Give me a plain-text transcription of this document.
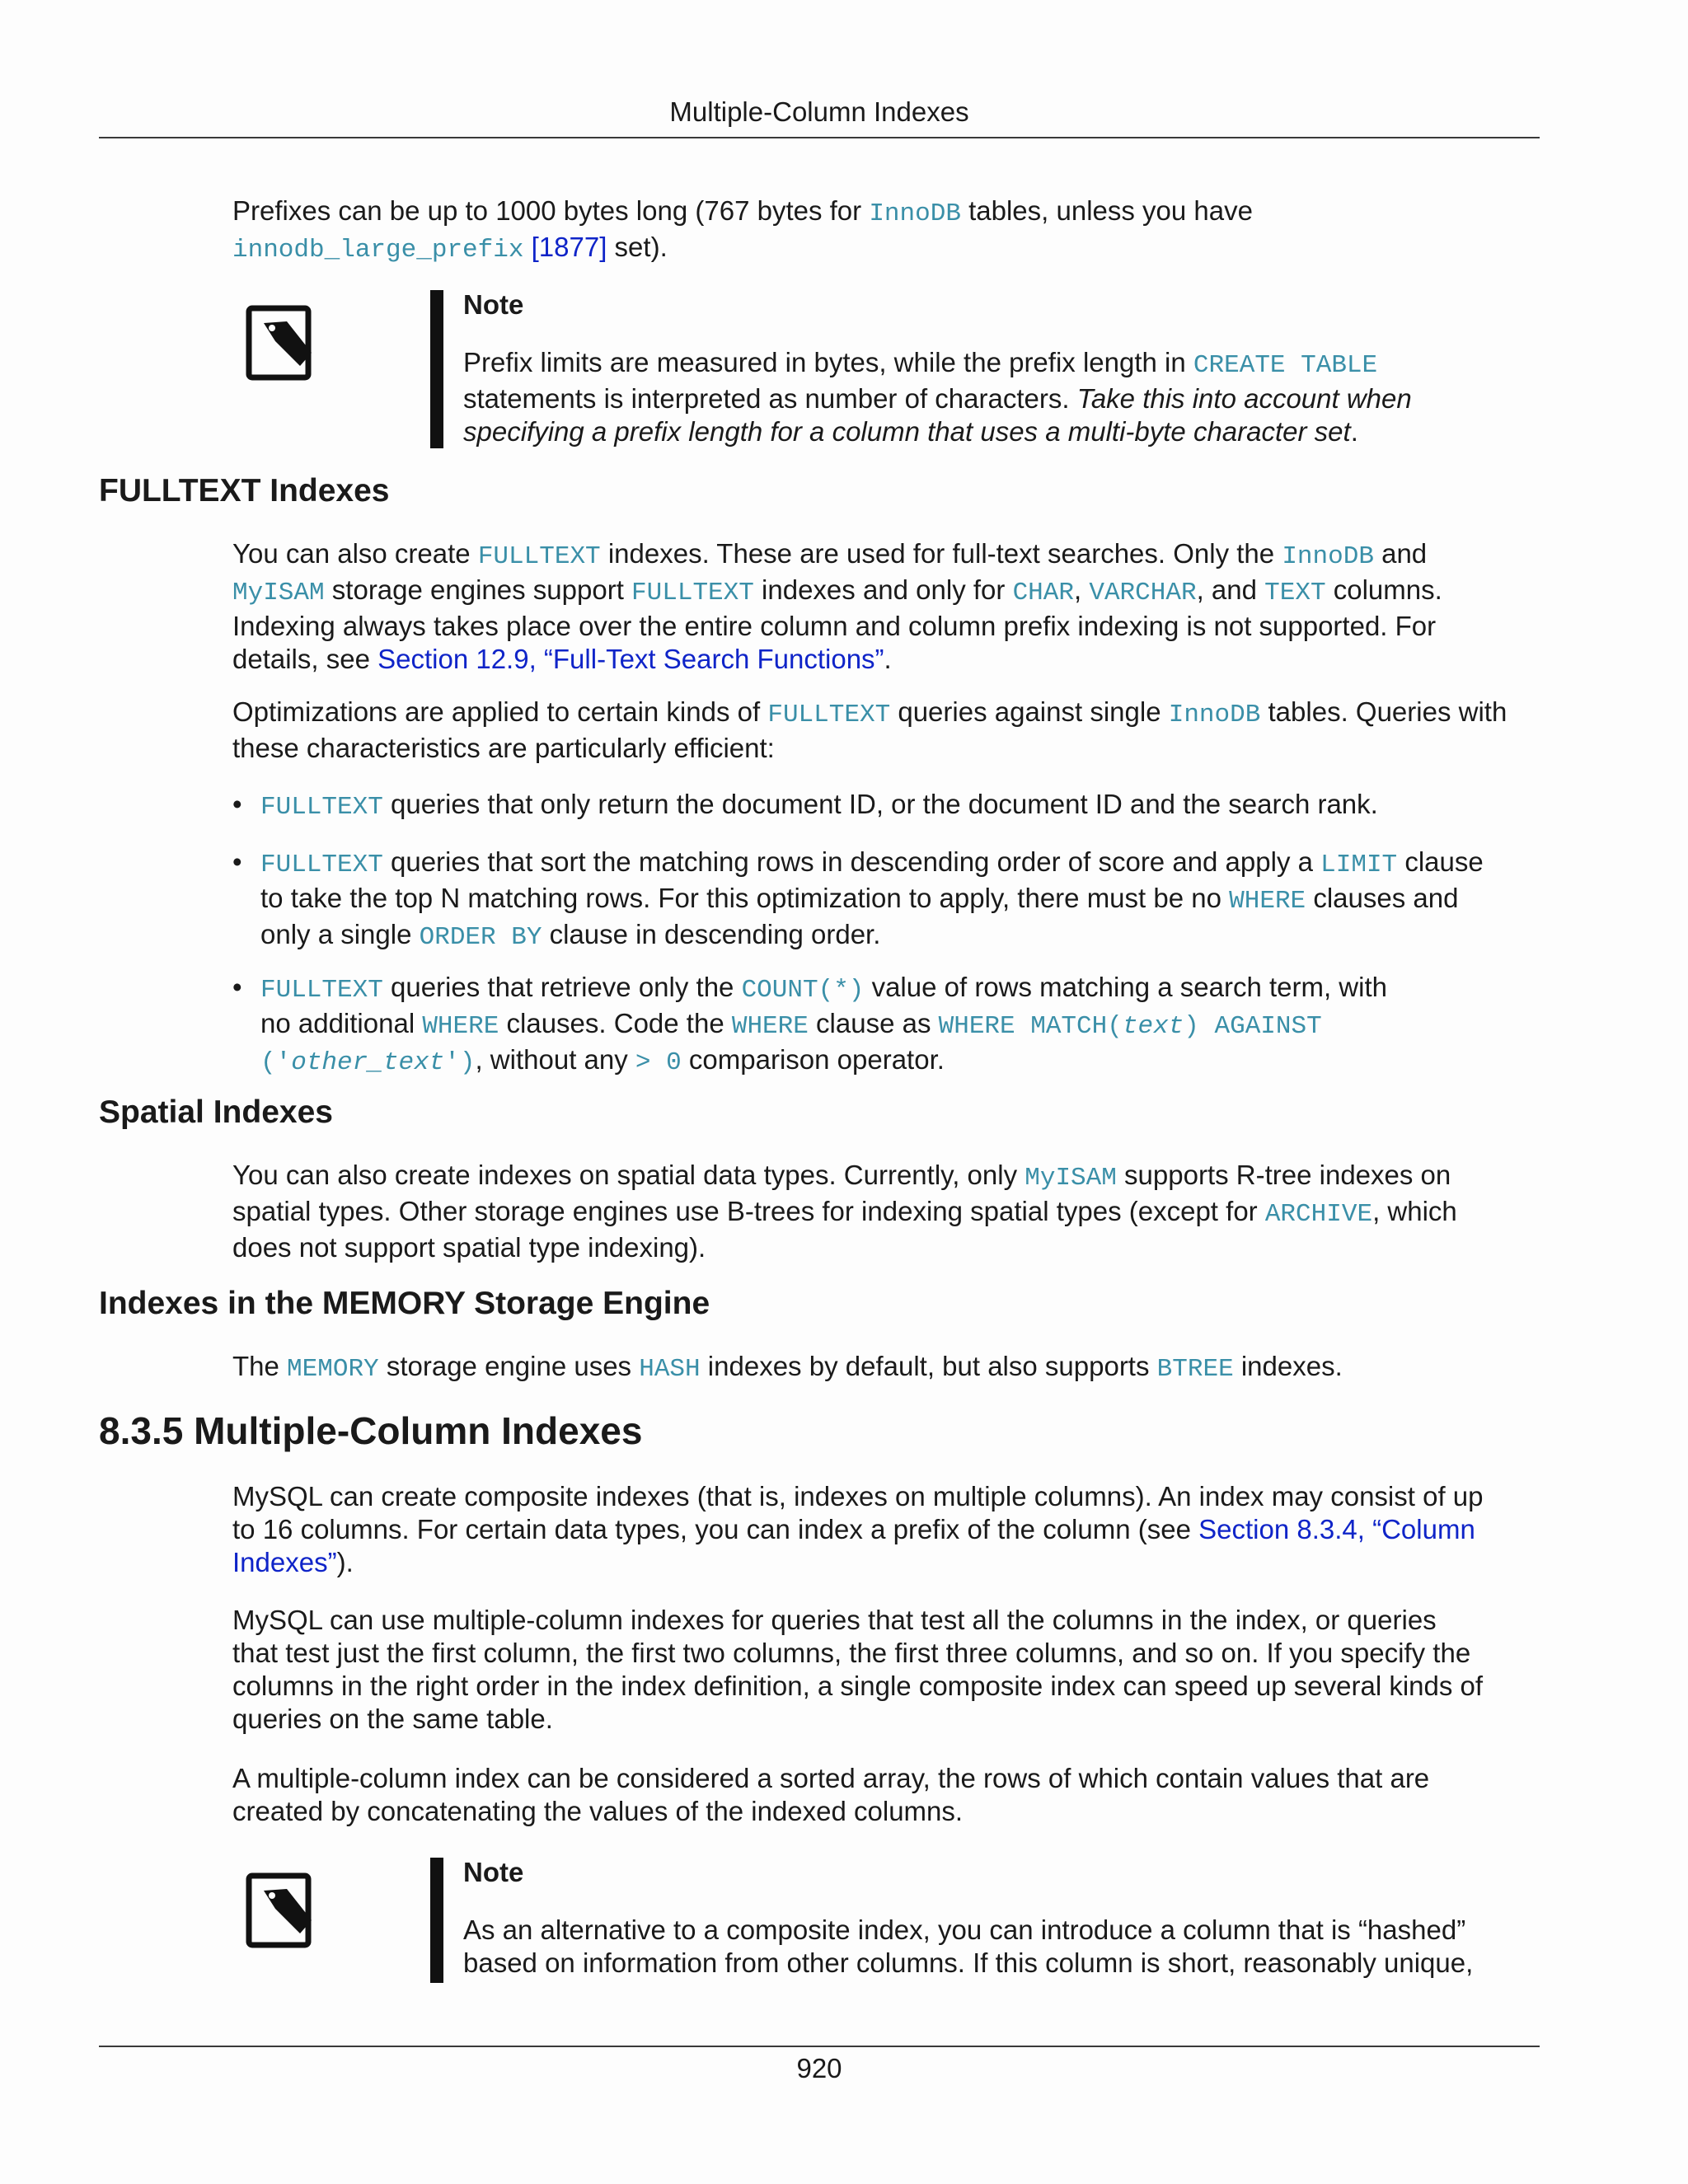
Multiple-Column Indexes

Prefixes can be up to 1000 bytes long (767 bytes for InnoDB tables, unless you have
innodb_large_prefix [1877] set).

Note

Prefix limits are measured in bytes, while the prefix length in CREATE TABLE
statements is interpreted as number of characters. Take this into account when specifying a prefix length for a column that uses a multi-byte character set.

FULLTEXT Indexes

You can also create FULLTEXT indexes. These are used for full-text searches. Only the InnoDB and
MyISAM storage engines support FULLTEXT indexes and only for CHAR, VARCHAR, and TEXT columns.
Indexing always takes place over the entire column and column prefix indexing is not supported. For
details, see Section 12.9, “Full-Text Search Functions”.

Optimizations are applied to certain kinds of FULLTEXT queries against single InnoDB tables. Queries with
these characteristics are particularly efficient:

• FULLTEXT queries that only return the document ID, or the document ID and the search rank.
• FULLTEXT queries that sort the matching rows in descending order of score and apply a LIMIT clause
to take the top N matching rows. For this optimization to apply, there must be no WHERE clauses and
only a single ORDER BY clause in descending order.
• FULLTEXT queries that retrieve only the COUNT(*) value of rows matching a search term, with
no additional WHERE clauses. Code the WHERE clause as WHERE MATCH(text) AGAINST
('other_text'), without any > 0 comparison operator.
Spatial Indexes

You can also create indexes on spatial data types. Currently, only MyISAM supports R-tree indexes on
spatial types. Other storage engines use B-trees for indexing spatial types (except for ARCHIVE, which
does not support spatial type indexing).

Indexes in the MEMORY Storage Engine

The MEMORY storage engine uses HASH indexes by default, but also supports BTREE indexes.

8.3.5 Multiple-Column Indexes

MySQL can create composite indexes (that is, indexes on multiple columns). An index may consist of up
to 16 columns. For certain data types, you can index a prefix of the column (see Section 8.3.4, “Column
Indexes”).

MySQL can use multiple-column indexes for queries that test all the columns in the index, or queries
that test just the first column, the first two columns, the first three columns, and so on. If you specify the
columns in the right order in the index definition, a single composite index can speed up several kinds of
queries on the same table.

A multiple-column index can be considered a sorted array, the rows of which contain values that are
created by concatenating the values of the indexed columns.

Note

As an alternative to a composite index, you can introduce a column that is “hashed”
based on information from other columns. If this column is short, reasonably unique,

920
